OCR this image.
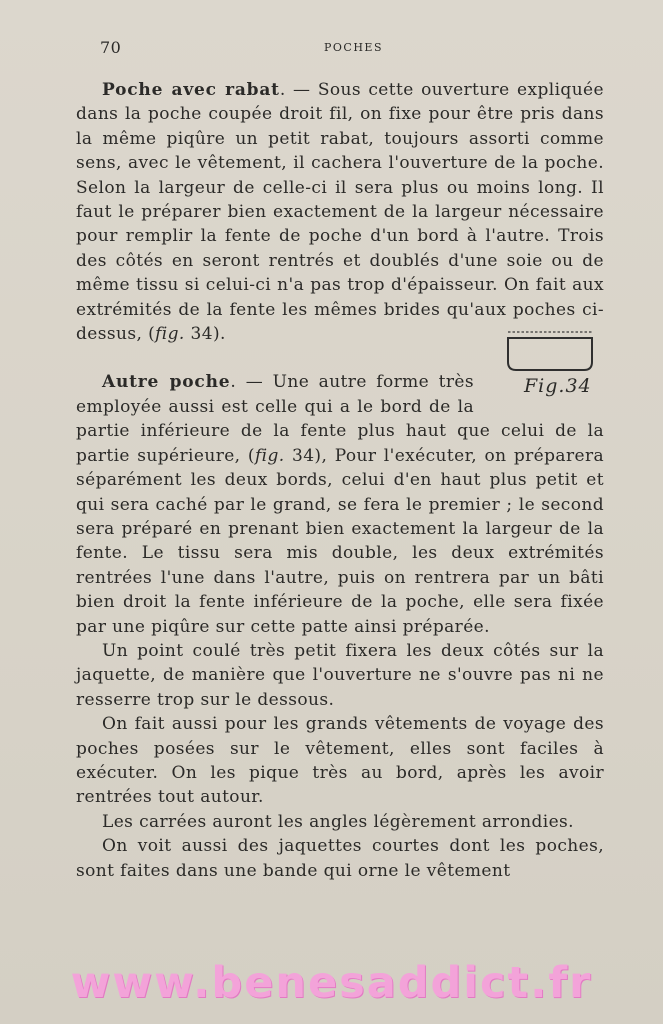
70	POCHES

Poche avec rabat. — Sous cette ouverture expliquée dans la poche coupée droit fil, on fixe pour être pris dans la même piqûre un petit rabat, toujours assorti comme sens, avec le vêtement, il cachera l'ouverture de la poche. Selon la largeur de celle-ci il sera plus ou moins long. Il faut le préparer bien exactement de la largeur nécessaire pour remplir la fente de poche d'un bord à l'autre. Trois des côtés en seront rentrés et doublés d'une soie ou de même tissu si celui-ci n'a pas trop d'épaisseur. On fait aux extrémités de la fente les mêmes brides qu'aux poches ci-dessus, (
Fig.34
fig. 34).

Autre poche. — Une autre forme très employée aussi est celle qui a le bord de la partie inférieure de la fente plus haut que celui de la partie supérieure, (fig. 34), Pour l'exécuter, on préparera séparément les deux bords, celui d'en haut plus petit et qui sera caché par le grand, se fera le premier ; le second sera préparé en prenant bien exactement la largeur de la fente. Le tissu sera mis double, les deux extrémités rentrées l'une dans l'autre, puis on rentrera par un bâti bien droit la fente inférieure de la poche, elle sera fixée par une piqûre sur cette patte ainsi préparée.

Un point coulé très petit fixera les deux côtés sur la jaquette, de manière que l'ouverture ne s'ouvre pas ni ne resserre trop sur le dessous.

On fait aussi pour les grands vêtements de voyage des poches posées sur le vêtement, elles sont faciles à exécuter. On les pique très au bord, après les avoir rentrées tout autour.

Les carrées auront les angles légèrement arrondies.

On voit aussi des jaquettes courtes dont les poches, sont faites dans une bande qui orne le vêtement

www.benesaddict.fr
